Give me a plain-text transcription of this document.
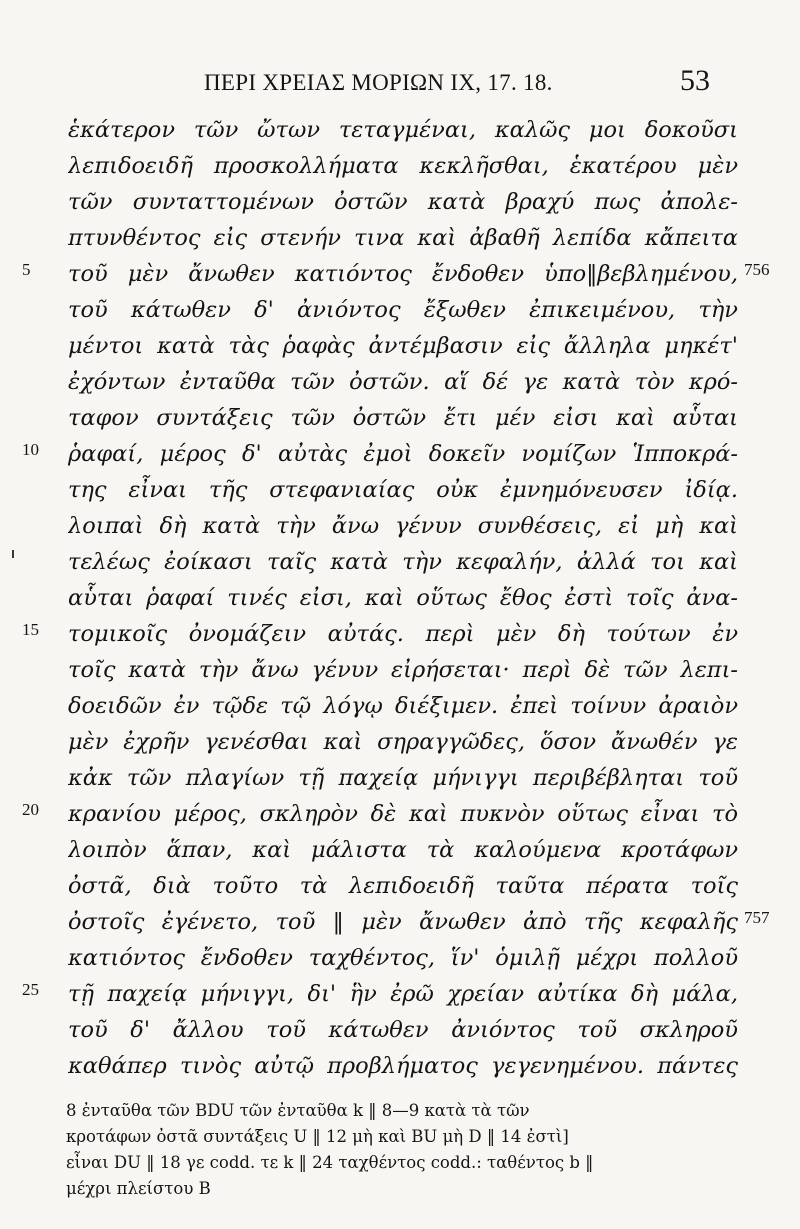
ΠΕΡΙ ΧΡΕΙΑΣ ΜΟΡΙΩΝ IX, 17. 18.	53
ἑκάτερον τῶν ὤτων τεταγμέναι, καλῶς μοι δοκοῦσι
λεπιδοειδῆ προσκολλήματα κεκλῆσθαι, ἑκατέρου μὲν
τῶν συνταττομένων ὀστῶν κατὰ βραχύ πως ἀπολε-
πτυνθέντος εἰς στενήν τινα καὶ ἀβαθῆ λεπίδα κἄπειτα
5 τοῦ μὲν ἄνωθεν κατιόντος ἔνδοθεν ὑπο‖βεβλημένου, 756
τοῦ κάτωθεν δ' ἀνιόντος ἔξωθεν ἐπικειμένου, τὴν
μέντοι κατὰ τὰς ῥαφὰς ἀντέμβασιν εἰς ἄλληλα μηκέτ'
ἐχόντων ἐνταῦθα τῶν ὀστῶν. αἵ δέ γε κατὰ τὸν κρό-
ταφον συντάξεις τῶν ὀστῶν ἔτι μέν εἰσι καὶ αὗται
10 ῥαφαί, μέρος δ' αὐτὰς ἐμοὶ δοκεῖν νομίζων Ἱπποκρά-
της εἶναι τῆς στεφανιαίας οὐκ ἐμνημόνευσεν ἰδίᾳ.
λοιπαὶ δὴ κατὰ τὴν ἄνω γένυν συνθέσεις, εἰ μὴ καὶ
τελέως ἐοίκασι ταῖς κατὰ τὴν κεφαλήν, ἀλλά τοι καὶ
αὗται ῥαφαί τινές εἰσι, καὶ οὕτως ἔθος ἐστὶ τοῖς ἀνα-
15 τομικοῖς ὀνομάζειν αὐτάς. περὶ μὲν δὴ τούτων ἐν
τοῖς κατὰ τὴν ἄνω γένυν εἰρήσεται· περὶ δὲ τῶν λεπι-
δοειδῶν ἐν τῷδε τῷ λόγῳ διέξιμεν. ἐπεὶ τοίνυν ἀραιὸν
μὲν ἐχρῆν γενέσθαι καὶ σηραγγῶδες, ὅσον ἄνωθέν γε
κἀκ τῶν πλαγίων τῇ παχείᾳ μήνιγγι περιβέβληται τοῦ
20 κρανίου μέρος, σκληρὸν δὲ καὶ πυκνὸν οὕτως εἶναι τὸ
λοιπὸν ἅπαν, καὶ μάλιστα τὰ καλούμενα κροτάφων
ὀστᾶ, διὰ τοῦτο τὰ λεπιδοειδῆ ταῦτα πέρατα τοῖς
ὀστοῖς ἐγένετο, τοῦ ‖ μὲν ἄνωθεν ἀπὸ τῆς κεφαλῆς 757
κατιόντος ἔνδοθεν ταχθέντος, ἵν' ὁμιλῇ μέχρι πολλοῦ
25 τῇ παχείᾳ μήνιγγι, δι' ἣν ἐρῶ χρείαν αὐτίκα δὴ μάλα,
τοῦ δ' ἄλλου τοῦ κάτωθεν ἀνιόντος τοῦ σκληροῦ
καθάπερ τινὸς αὐτῷ προβλήματος γεγενημένου. πάντες
8 ἐνταῦθα τῶν BDU τῶν ἐνταῦθα k ‖ 8—9 κατὰ τὰ τῶν
κροτάφων ὀστᾶ συντάξεις U ‖ 12 μὴ καὶ BU μὴ D ‖ 14 ἐστὶ]
εἶναι DU ‖ 18 γε codd. τε k ‖ 24 ταχθέντος codd.: ταθέντος b ‖
μέχρι πλείστου B
